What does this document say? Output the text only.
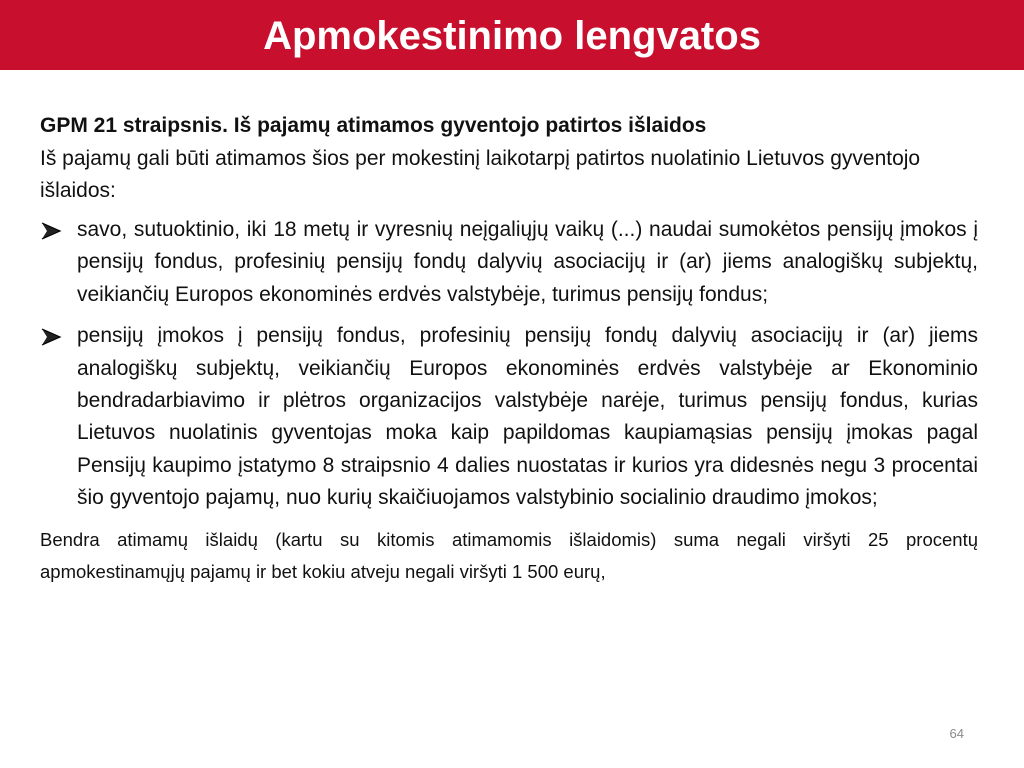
Apmokestinimo lengvatos

GPM 21 straipsnis. Iš pajamų atimamos gyventojo patirtos išlaidos

Iš pajamų gali būti atimamos šios per mokestinį laikotarpį patirtos nuolatinio Lietuvos gyventojo išlaidos:

savo, sutuoktinio, iki 18 metų ir vyresnių neįgaliųjų vaikų (...) naudai sumokėtos pensijų įmokos į pensijų fondus, profesinių pensijų fondų dalyvių asociacijų ir (ar) jiems analogiškų subjektų, veikiančių Europos ekonominės erdvės valstybėje, turimus pensijų fondus;
pensijų įmokos į pensijų fondus, profesinių pensijų fondų dalyvių asociacijų ir (ar) jiems analogiškų subjektų, veikiančių Europos ekonominės erdvės valstybėje ar Ekonominio bendradarbiavimo ir plėtros organizacijos valstybėje narėje, turimus pensijų fondus, kurias Lietuvos nuolatinis gyventojas moka kaip papildomas kaupiamąsias pensijų įmokas pagal Pensijų kaupimo įstatymo 8 straipsnio 4 dalies nuostatas ir kurios yra didesnės negu 3 procentai šio gyventojo pajamų, nuo kurių skaičiuojamos valstybinio socialinio draudimo įmokos;

Bendra atimamų išlaidų (kartu su kitomis atimamomis išlaidomis) suma negali viršyti 25 procentų apmokestinamųjų pajamų ir bet kokiu atveju negali viršyti 1 500 eurų,

64
